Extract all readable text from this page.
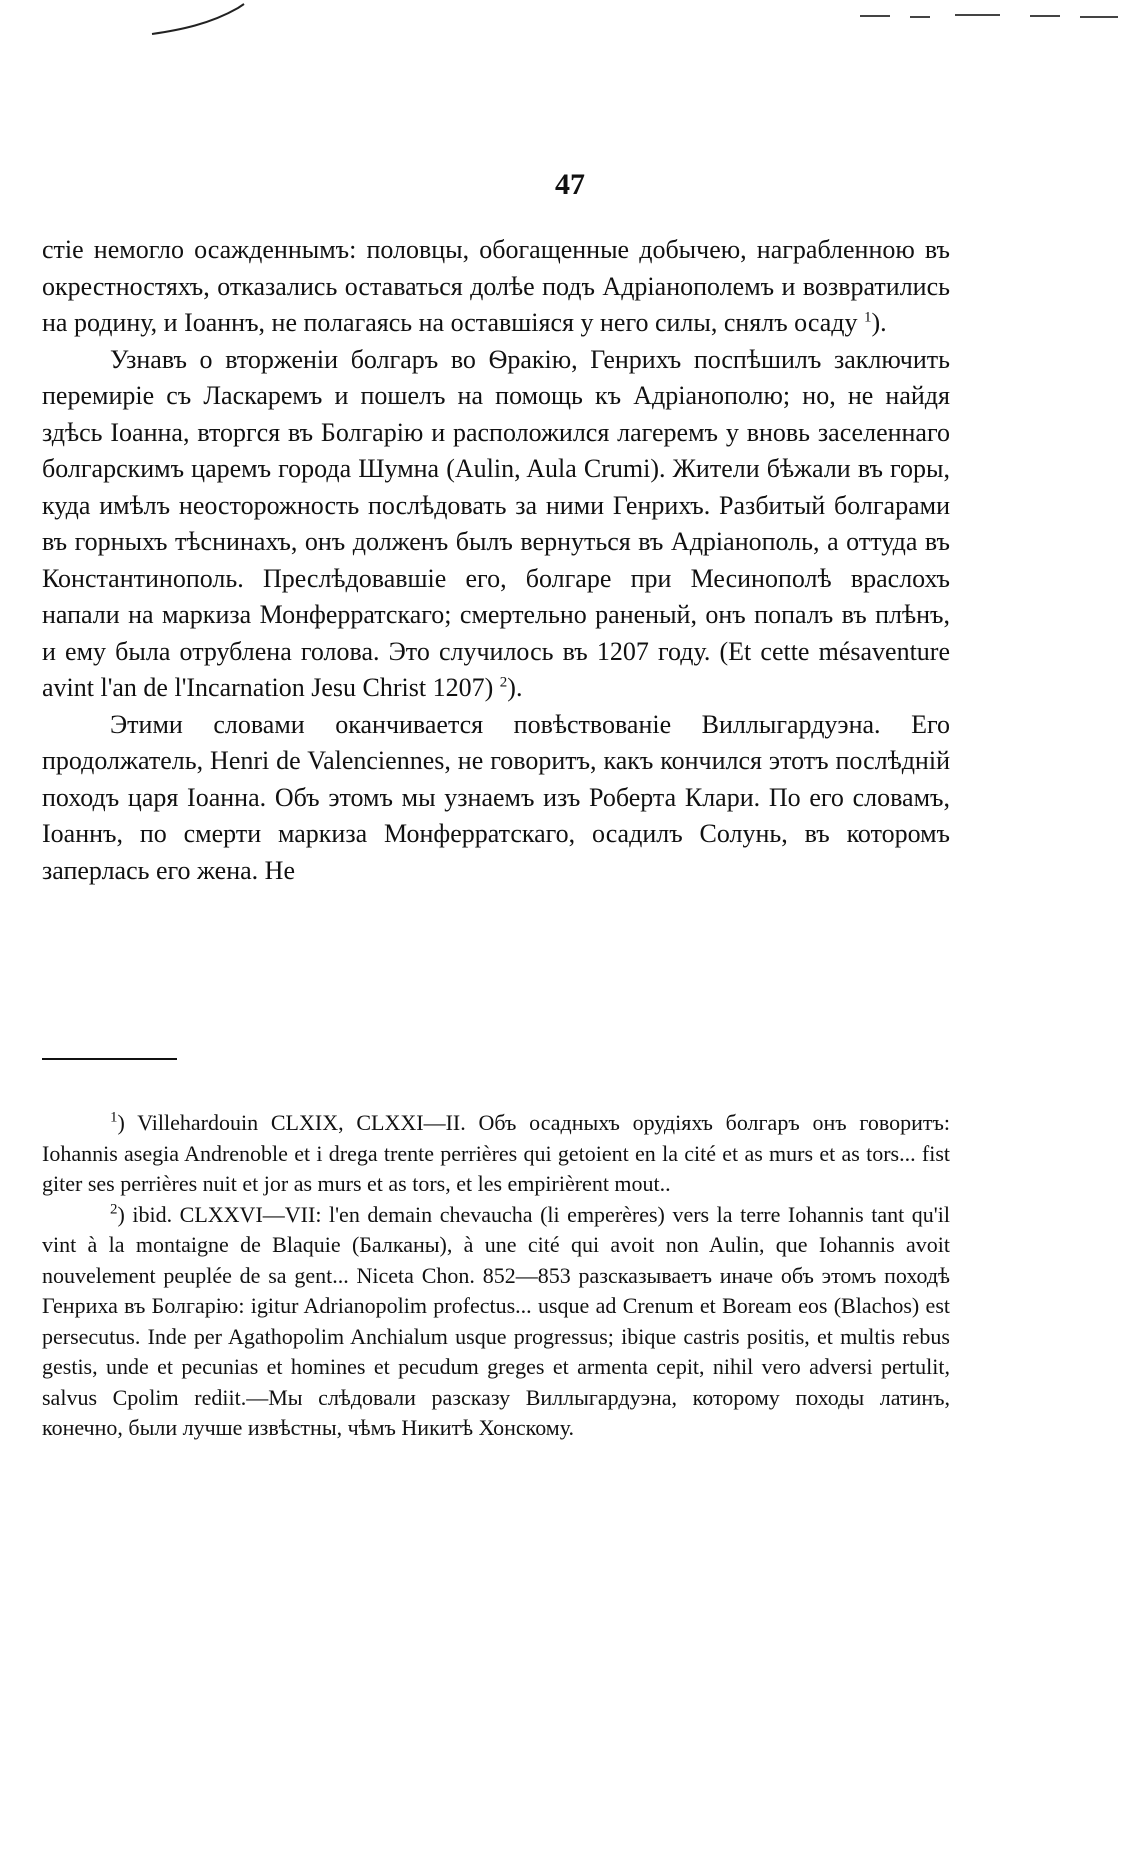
47

стіе немогло осажденнымъ: половцы, обогащенные добычею, награбленною въ окрестностяхъ, отказались оставаться долѣе подъ Адріанополемъ и возвратились на родину, и Іоаннъ, не полагаясь на оставшіяся у него силы, снялъ осаду $^1$).

Узнавъ о вторженіи болгаръ во Ѳракію, Генрихъ поспѣшилъ заключить перемиріе съ Ласкаремъ и пошелъ на помощь къ Адріанополю; но, не найдя здѣсь Іоанна, вторгся въ Болгарію и расположился лагеремъ у вновь заселеннаго болгарскимъ царемъ города Шумна (Aulin, Aula Crumi). Жители бѣжали въ горы, куда имѣлъ неосторожность послѣдовать за ними Генрихъ. Разбитый болгарами въ горныхъ тѣснинахъ, онъ долженъ былъ вернуться въ Адріанополь, а оттуда въ Константинополь. Преслѣдовавшіе его, болгаре при Месинополѣ враслохъ напали на маркиза Монферратскаго; смертельно раненый, онъ попалъ въ плѣнъ, и ему была отрублена голова. Это случилось въ 1207 году. (Et cette mésaventure avint l'an de l'Incarnation Jesu Christ 1207) $^2$).

Этими словами оканчивается повѣствованіе Виллыгардуэна. Его продолжатель, Henri de Valenciennes, не говоритъ, какъ кончился этотъ послѣдній походъ царя Іоанна. Объ этомъ мы узнаемъ изъ Роберта Клари. По его словамъ, Іоаннъ, по смерти маркиза Монферратскаго, осадилъ Солунь, въ которомъ заперлась его жена. Не

$^1$) Villehardouin CLXIX, CLXXI—II. Объ осадныхъ орудіяхъ болгаръ онъ говоритъ: Iohannis asegia Andrenoble et i drega trente perrières qui getoient en la cité et as murs et as tors... fist giter ses perrières nuit et jor as murs et as tors, et les empirièrent mout..

$^2$) ibid. CLXXVI—VII: l'en demain chevaucha (li emperères) vers la terre Iohannis tant qu'il vint à la montaigne de Blaquie (Балканы), à une cité qui avoit non Aulin, que Iohannis avoit nouvelement peuplée de sa gent... Niceta Chon. 852—853 разсказываетъ иначе объ этомъ походѣ Генриха въ Болгарію: igitur Adrianopolim profectus... usque ad Crenum et Boream eos (Blachos) est persecutus. Inde per Agathopolim Anchialum usque progressus; ibique castris positis, et multis rebus gestis, unde et pecunias et homines et pecudum greges et armenta cepit, nihil vero adversi pertulit, salvus Cpolim rediit.—Мы слѣдовали разсказу Виллыгардуэна, которому походы латинъ, конечно, были лучше извѣстны, чѣмъ Никитѣ Хонскому.
